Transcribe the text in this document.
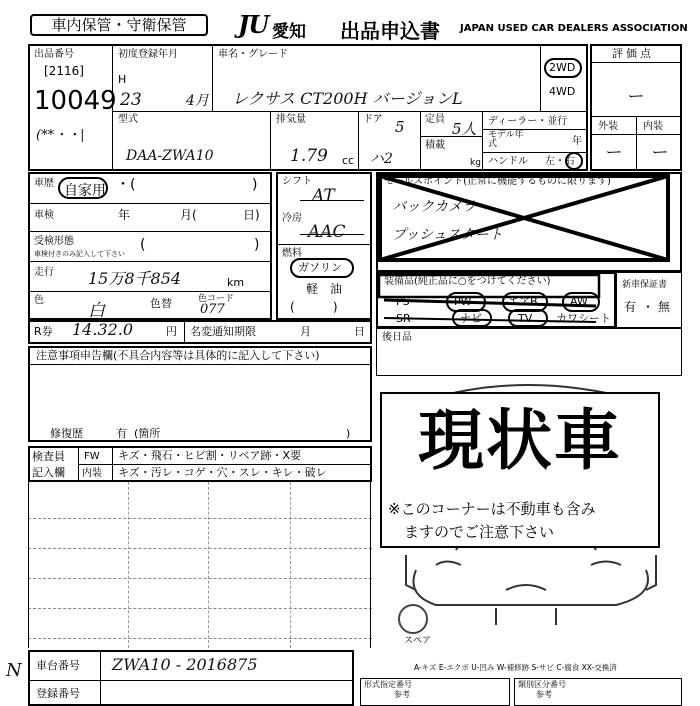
車内保管・守衛保管	JU 愛知 出品申込書 JAPAN USED CAR DEALERS ASSOCIATION
出品番号
[2116]
10049
(**・・|
初度登録年月
H
23	4月
車名・グレード
レクサス CT200H バージョンL
2WD
4WD
型式
DAA-ZWA10
排気量
1.79 cc
ドア 5
ハ2
定員
5人
積載
kg
ディーラー・並行
モデル年式	年
ハンドル 左・右
評価点
ー
外装	内装
ー ー
車歴 自家用 ・(	)
車検	年	月(	日)
受検形態
車検付きのみ記入して下さい
(	)
走行 15万8千854	km
色
白	色替	色コード
077
シフト
AT
冷房
AAC
燃料
ガソリン
軽　油
(          )
セールスポイント(正常に機能するものに限ります)
バックカメラ
プッシュスタート
装備品(純正品に○をつけてください)
PS	PW	エアB	AW
SR	ナビ	TV カワシート
新車保証書
有 ・ 無
R券 14.32.0	円 名変通知期限	月	日 後日品
注意事項申告欄(不具合内容等は具体的に記入して下さい)
修復歴	有 (箇所	)
検査員
記入欄
FW キズ・飛石・ヒビ割・リペア跡・X要
内装 キズ・汚レ・コゲ・穴・スレ・キレ・破レ
スペア
現状車
※このコーナーは不動車も含み
ますのでご注意下さい
A-キズ E-エクボ U-凹み W-補修跡 S-サビ C-腐食 XX-交換済
N 車台番号 ZWA10 - 2016875
登録番号
形式指定番号
参考
類別区分番号
参考
